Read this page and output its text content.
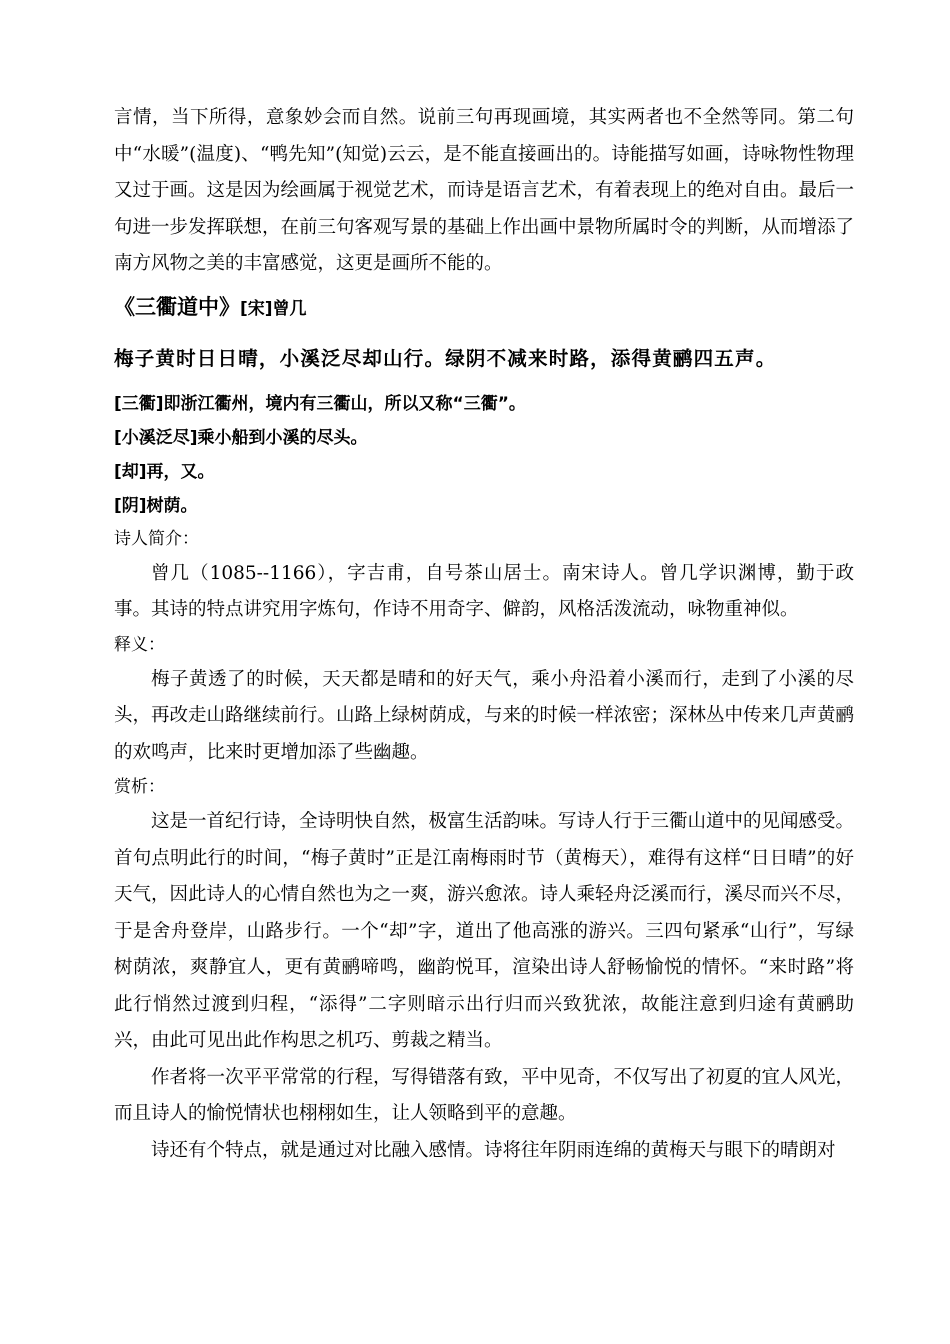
言情，当下所得，意象妙会而自然。说前三句再现画境，其实两者也不全然等同。第二句中“水暖”(温度)、“鸭先知”(知觉)云云，是不能直接画出的。诗能描写如画，诗咏物性物理又过于画。这是因为绘画属于视觉艺术，而诗是语言艺术，有着表现上的绝对自由。最后一句进一步发挥联想，在前三句客观写景的基础上作出画中景物所属时令的判断，从而增添了南方风物之美的丰富感觉，这更是画所不能的。

《三衢道中》[宋]曾几
梅子黄时日日晴，小溪泛尽却山行。绿阴不减来时路，添得黄鹂四五声。

[三衢]即浙江衢州，境内有三衢山，所以又称“三衢”。

[小溪泛尽]乘小船到小溪的尽头。

[却]再，又。

[阴]树荫。

诗人简介：

曾几（1085--1166），字吉甫，自号茶山居士。南宋诗人。曾几学识渊博，勤于政事。其诗的特点讲究用字炼句，作诗不用奇字、僻韵，风格活泼流动，咏物重神似。

释义：

梅子黄透了的时候，天天都是晴和的好天气，乘小舟沿着小溪而行，走到了小溪的尽头，再改走山路继续前行。山路上绿树荫成，与来的时候一样浓密；深林丛中传来几声黄鹂的欢鸣声，比来时更增加添了些幽趣。

赏析：

这是一首纪行诗，全诗明快自然，极富生活韵味。写诗人行于三衢山道中的见闻感受。首句点明此行的时间，“梅子黄时”正是江南梅雨时节（黄梅天），难得有这样“日日晴”的好天气，因此诗人的心情自然也为之一爽，游兴愈浓。诗人乘轻舟泛溪而行，溪尽而兴不尽，于是舍舟登岸，山路步行。一个“却”字，道出了他高涨的游兴。三四句紧承“山行”，写绿树荫浓，爽静宜人，更有黄鹂啼鸣，幽韵悦耳，渲染出诗人舒畅愉悦的情怀。“来时路”将此行悄然过渡到归程，“添得”二字则暗示出行归而兴致犹浓，故能注意到归途有黄鹂助兴，由此可见出此作构思之机巧、剪裁之精当。

作者将一次平平常常的行程，写得错落有致，平中见奇，不仅写出了初夏的宜人风光，而且诗人的愉悦情状也栩栩如生，让人领略到平的意趣。

诗还有个特点，就是通过对比融入感情。诗将往年阴雨连绵的黄梅天与眼下的晴朗对
